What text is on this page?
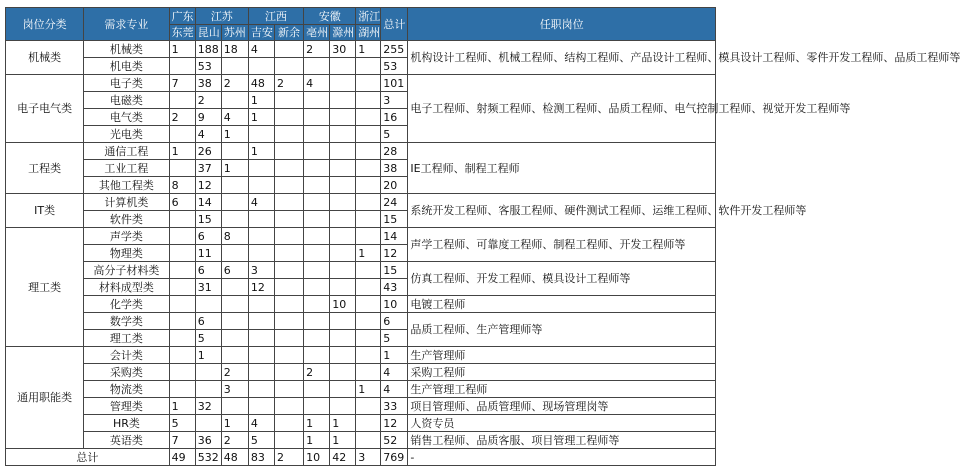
岗位分类	需求专业	广东	江苏		江西		安徽		浙江	总计	任职岗位
		东莞	昆山	苏州	吉安	新余	亳州	滁州	湖州		
机械类	机械类	1	188	18	4		2	30	1	255	机构设计工程师、机械工程师、结构工程师、产品设计工程师、模具设计工程师、零件开发工程师、品质工程师等
	机电类		53							53	
电子电气类	电子类	7	38	2	48	2	4			101	电子工程师、射频工程师、检测工程师、品质工程师、电气控制工程师、视觉开发工程师等
	电磁类		2		1					3	
	电气类	2	9	4	1					16	
	光电类		4	1						5	
工程类	通信工程	1	26		1					28	IE工程师、制程工程师
	工业工程		37	1						38	
	其他工程类	8	12							20	
IT类	计算机类	6	14		4					24	系统开发工程师、客服工程师、硬件测试工程师、运维工程师、软件开发工程师等
	软件类		15							15	
理工类	声学类		6	8						14	声学工程师、可靠度工程师、制程工程师、开发工程师等
	物理类		11						1	12	
	高分子材料类		6	6	3					15	仿真工程师、开发工程师、模具设计工程师等
	材料成型类		31		12					43	
	化学类							10		10	电镀工程师
	数学类		6							6	品质工程师、生产管理师等
	理工类		5							5	
通用职能类	会计类		1							1	生产管理师
	采购类			2			2			4	采购工程师
	物流类			3					1	4	生产管理工程师
	管理类	1	32							33	项目管理师、品质管理师、现场管理岗等
	HR类	5		1	4		1	1		12	人资专员
	英语类	7	36	2	5		1	1		52	销售工程师、品质客服、项目管理工程师等
总计		49	532	48	83	2	10	42	3	769	-
